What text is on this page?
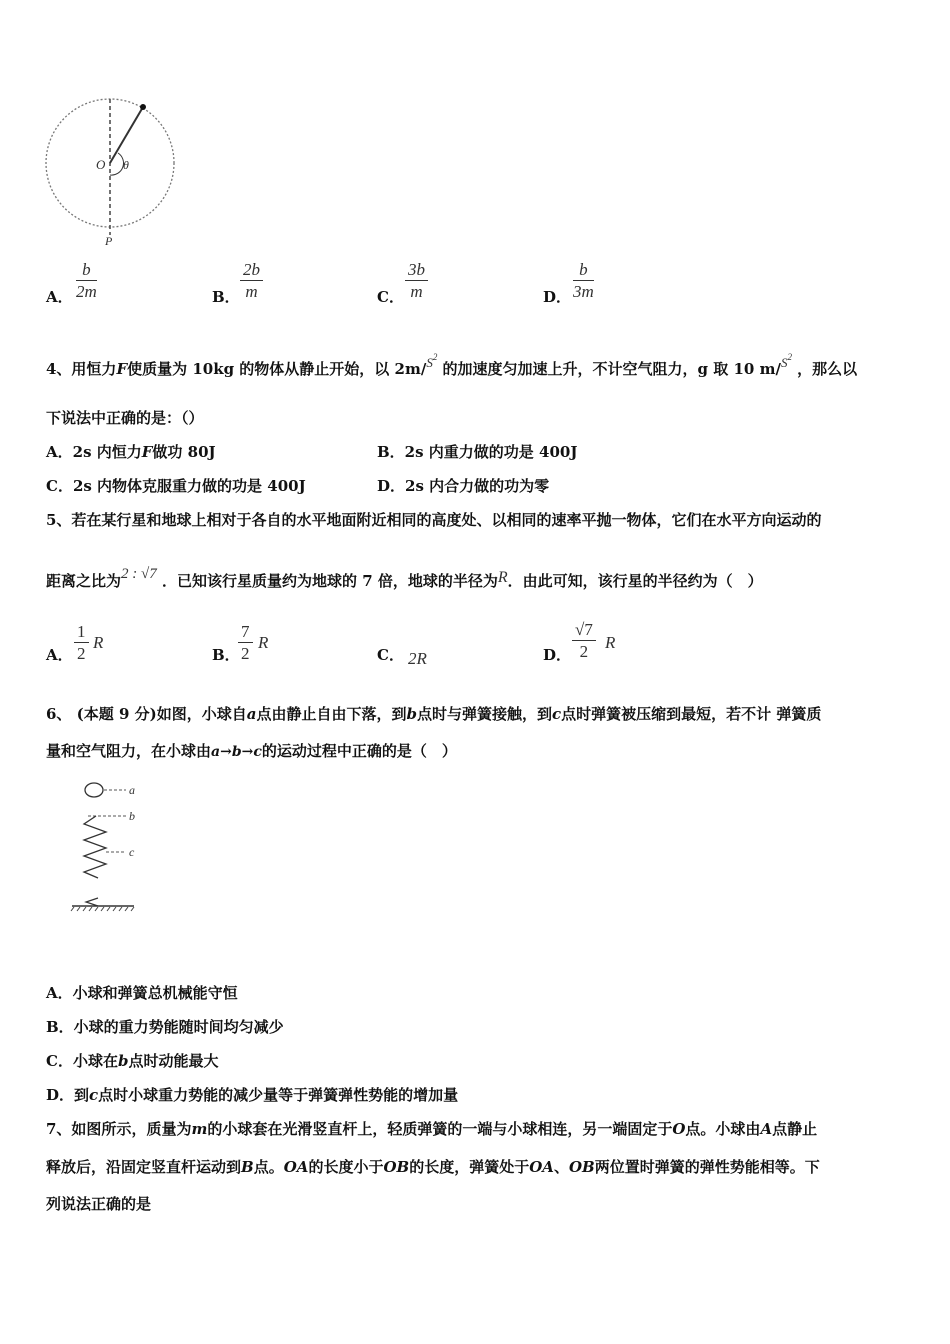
O θ
P
A． $\frac{b}{2m}$	B． $\frac{2b}{m}$	C． $\frac{3b}{m}$	D． $\frac{b}{3m}$
4、用恒力F使质量为 10kg 的物体从静止开始，以 $2m/S^2$ 的加速度匀加速上升，不计空气阻力，g 取 10 $m/S^2$ ，那么以
下说法中正确的是：（）
A．2s 内恒力F做功 80J	B．2s 内重力做的功是 400J
C．2s 内物体克服重力做的功是 400J	D．2s 内合力做的功为零
5、若在某行星和地球上相对于各自的水平地面附近相同的高度处、以相同的速率平抛一物体，它们在水平方向运动的
距离之比为2 : √7 ．已知该行星质量约为地球的 7 倍，地球的半径为R．由此可知，该行星的半径约为（　）
A． $\frac{1}{2}$ R
B．
$\frac{7}{2}$ R
C． 2R	D． $\frac{√7}{2}$ R
6、 (本题 9 分)如图，小球自a点由静止自由下落，到b点时与弹簧接触，到c点时弹簧被压缩到最短，若不计 弹簧质
量和空气阻力，在小球由a→b→c的运动过程中正确的是（　）
a
b
c
A．小球和弹簧总机械能守恒
B．小球的重力势能随时间均匀减少
C．小球在b点时动能最大
D．到c点时小球重力势能的减少量等于弹簧弹性势能的增加量
7、如图所示，质量为m的小球套在光滑竖直杆上，轻质弹簧的一端与小球相连，另一端固定于O点。小球由A点静止
释放后，沿固定竖直杆运动到B点。OA的长度小于OB的长度，弹簧处于OA、OB两位置时弹簧的弹性势能相等。下
列说法正确的是
